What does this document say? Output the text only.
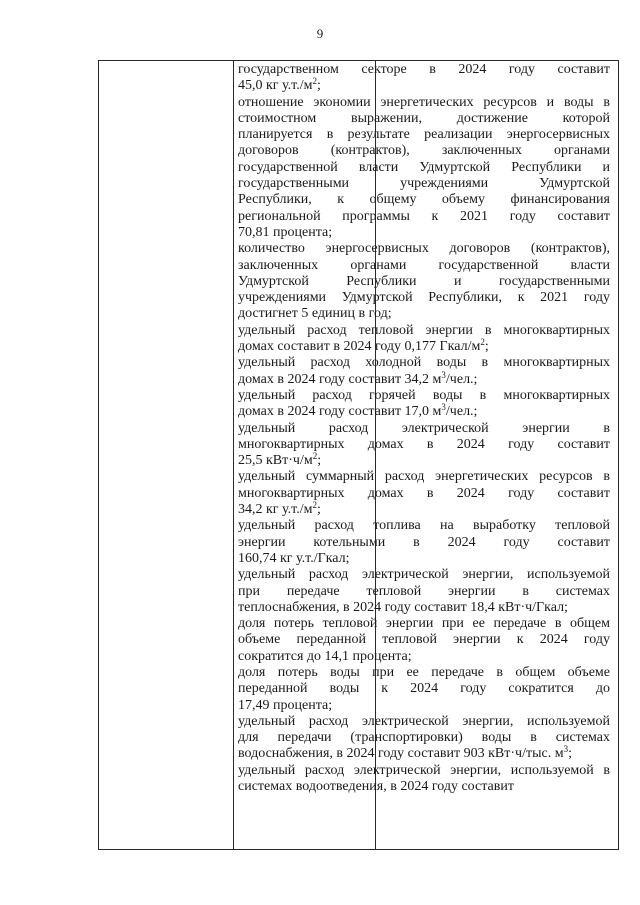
9
государственном секторе в 2024 году составит
45,0 кг $у.т./м^2$;
отношение экономии энергетических ресурсов и воды в
стоимостном выражении, достижение которой
планируется в результате реализации энергосервисных
договоров (контрактов), заключенных органами
государственной власти Удмуртской Республики и
государственными учреждениями Удмуртской
Республики, к общему объему финансирования
региональной программы к 2021 году составит
70,81 процента;
количество энергосервисных договоров (контрактов),
заключенных органами государственной власти
Удмуртской Республики и государственными
учреждениями Удмуртской Республики, к 2021 году
достигнет 5 единиц в год;
удельный расход тепловой энергии в многоквартирных
домах составит в 2024 году 0,177 Гкал/$м^2$;
удельный расход холодной воды в многоквартирных
домах в 2024 году составит 34,2 $м^3$/чел.;
удельный расход горячей воды в многоквартирных
домах в 2024 году составит 17,0 $м^3$/чел.;
удельный расход электрической энергии в
многоквартирных домах в 2024 году составит
25,5 $кВт\cdot ч/м^2$;
удельный суммарный расход энергетических ресурсов в
многоквартирных домах в 2024 году составит
34,2 кг $у.т./м^2$;
удельный расход топлива на выработку тепловой
энергии котельными в 2024 году составит
160,74 кг у.т./Гкал;
удельный расход электрической энергии, используемой
при передаче тепловой энергии в системах
теплоснабжения, в 2024 году составит 18,4 кВт·ч/Гкал;
доля потерь тепловой энергии при ее передаче в общем
объеме переданной тепловой энергии к 2024 году
сократится до 14,1 процента;
доля потерь воды при ее передаче в общем объеме
переданной воды к 2024 году сократится до
17,49 процента;
удельный расход электрической энергии, используемой
для передачи (транспортировки) воды в системах
водоснабжения, в 2024 году составит 903 кВт·ч/тыс. $м^3$;
удельный расход электрической энергии, используемой в
системах водоотведения, в 2024 году составит
